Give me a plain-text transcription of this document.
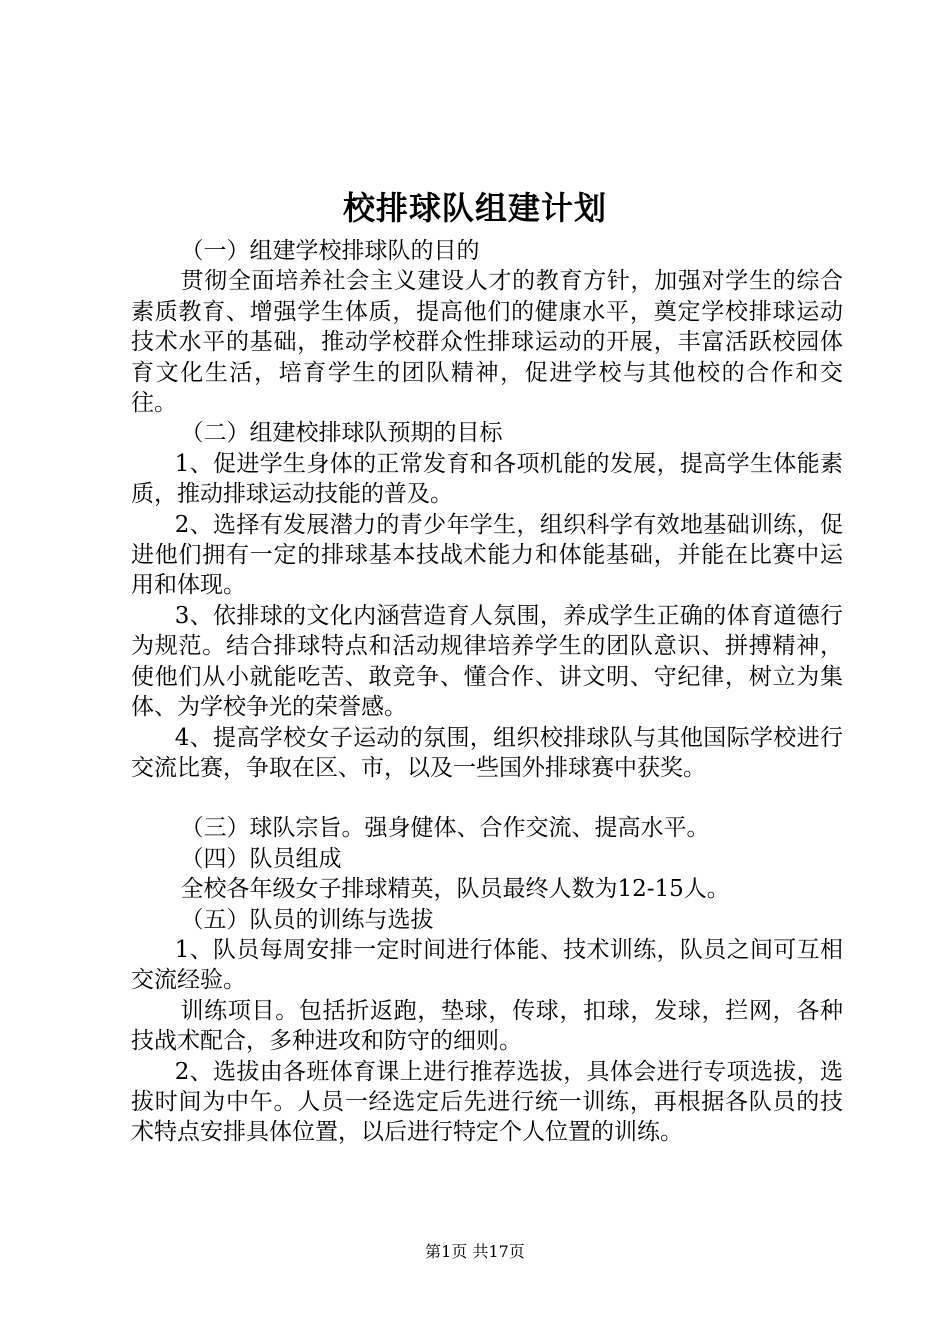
校排球队组建计划

（一）组建学校排球队的目的

贯彻全面培养社会主义建设人才的教育方针，加强对学生的综合素质教育、增强学生体质，提高他们的健康水平，奠定学校排球运动技术水平的基础，推动学校群众性排球运动的开展，丰富活跃校园体育文化生活，培育学生的团队精神，促进学校与其他校的合作和交往。

（二）组建校排球队预期的目标

1、促进学生身体的正常发育和各项机能的发展，提高学生体能素质，推动排球运动技能的普及。

2、选择有发展潜力的青少年学生，组织科学有效地基础训练，促进他们拥有一定的排球基本技战术能力和体能基础，并能在比赛中运用和体现。

3、依排球的文化内涵营造育人氛围，养成学生正确的体育道德行为规范。结合排球特点和活动规律培养学生的团队意识、拼搏精神，使他们从小就能吃苦、敢竞争、懂合作、讲文明、守纪律，树立为集体、为学校争光的荣誉感。

4、提高学校女子运动的氛围，组织校排球队与其他国际学校进行交流比赛，争取在区、市，以及一些国外排球赛中获奖。

（三）球队宗旨。强身健体、合作交流、提高水平。

（四）队员组成

全校各年级女子排球精英，队员最终人数为12-15人。

（五）队员的训练与选拔

1、队员每周安排一定时间进行体能、技术训练，队员之间可互相交流经验。

训练项目。包括折返跑，垫球，传球，扣球，发球，拦网，各种技战术配合，多种进攻和防守的细则。

2、选拔由各班体育课上进行推荐选拔，具体会进行专项选拔，选拔时间为中午。人员一经选定后先进行统一训练，再根据各队员的技术特点安排具体位置，以后进行特定个人位置的训练。

第1页 共17页
